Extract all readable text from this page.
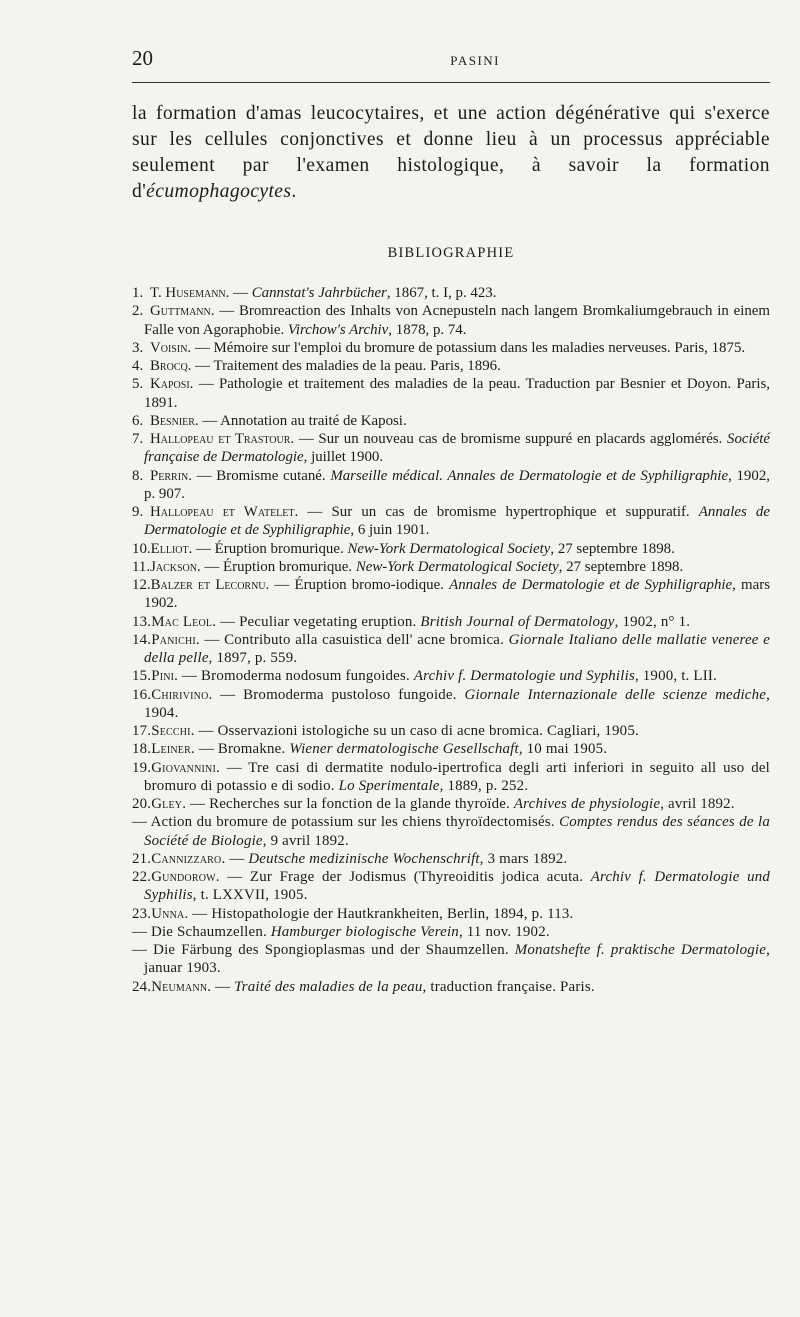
20	PASINI

la formation d'amas leucocytaires, et une action dégénérative qui s'exerce sur les cellules conjonctives et donne lieu à un processus appréciable seulement par l'examen histologique, à savoir la formation d'écumophagocytes.

BIBLIOGRAPHIE
1.T. Husemann. — Cannstat's Jahrbücher, 1867, t. I, p. 423.
2.Guttmann. — Bromreaction des Inhalts von Acnepusteln nach langem Bromkaliumgebrauch in einem Falle von Agoraphobie. Virchow's Archiv, 1878, p. 74.
3.Voisin. — Mémoire sur l'emploi du bromure de potassium dans les maladies nerveuses. Paris, 1875.
4.Brocq. — Traitement des maladies de la peau. Paris, 1896.
5.Kaposi. — Pathologie et traitement des maladies de la peau. Traduction par Besnier et Doyon. Paris, 1891.
6.Besnier. — Annotation au traité de Kaposi.
7.Hallopeau et Trastour. — Sur un nouveau cas de bromisme suppuré en placards agglomérés. Société française de Dermatologie, juillet 1900.
8.Perrin. — Bromisme cutané. Marseille médical. Annales de Dermatologie et de Syphiligraphie, 1902, p. 907.
9.Hallopeau et Watelet. — Sur un cas de bromisme hypertrophique et suppuratif. Annales de Dermatologie et de Syphiligraphie, 6 juin 1901.
10.Elliot. — Éruption bromurique. New-York Dermatological Society, 27 septembre 1898.
11.Jackson. — Éruption bromurique. New-York Dermatological Society, 27 septembre 1898.
12.Balzer et Lecornu. — Éruption bromo-iodique. Annales de Dermatologie et de Syphiligraphie, mars 1902.
13.Mac Leol. — Peculiar vegetating eruption. British Journal of Dermatology, 1902, n° 1.
14.Panichi. — Contributo alla casuistica dell' acne bromica. Giornale Italiano delle mallatie veneree e della pelle, 1897, p. 559.
15.Pini. — Bromoderma nodosum fungoides. Archiv f. Dermatologie und Syphilis, 1900, t. LII.
16.Chirivino. — Bromoderma pustoloso fungoide. Giornale Internazionale delle scienze mediche, 1904.
17.Secchi. — Osservazioni istologiche su un caso di acne bromica. Cagliari, 1905.
18.Leiner. — Bromakne. Wiener dermatologische Gesellschaft, 10 mai 1905.
19.Giovannini. — Tre casi di dermatite nodulo-ipertrofica degli arti inferiori in seguito all uso del bromuro di potassio e di sodio. Lo Sperimentale, 1889, p. 252.
20.Gley. — Recherches sur la fonction de la glande thyroïde. Archives de physiologie, avril 1892.
— Action du bromure de potassium sur les chiens thyroïdectomisés. Comptes rendus des séances de la Société de Biologie, 9 avril 1892.
21.Cannizzaro. — Deutsche medizinische Wochenschrift, 3 mars 1892.
22.Gundorow. — Zur Frage der Jodismus (Thyreoiditis jodica acuta. Archiv f. Dermatologie und Syphilis, t. LXXVII, 1905.
23.Unna. — Histopathologie der Hautkrankheiten, Berlin, 1894, p. 113.
— Die Schaumzellen. Hamburger biologische Verein, 11 nov. 1902.
— Die Färbung des Spongioplasmas und der Shaumzellen. Monatshefte f. praktische Dermatologie, januar 1903.
24.Neumann. — Traité des maladies de la peau, traduction française. Paris.
